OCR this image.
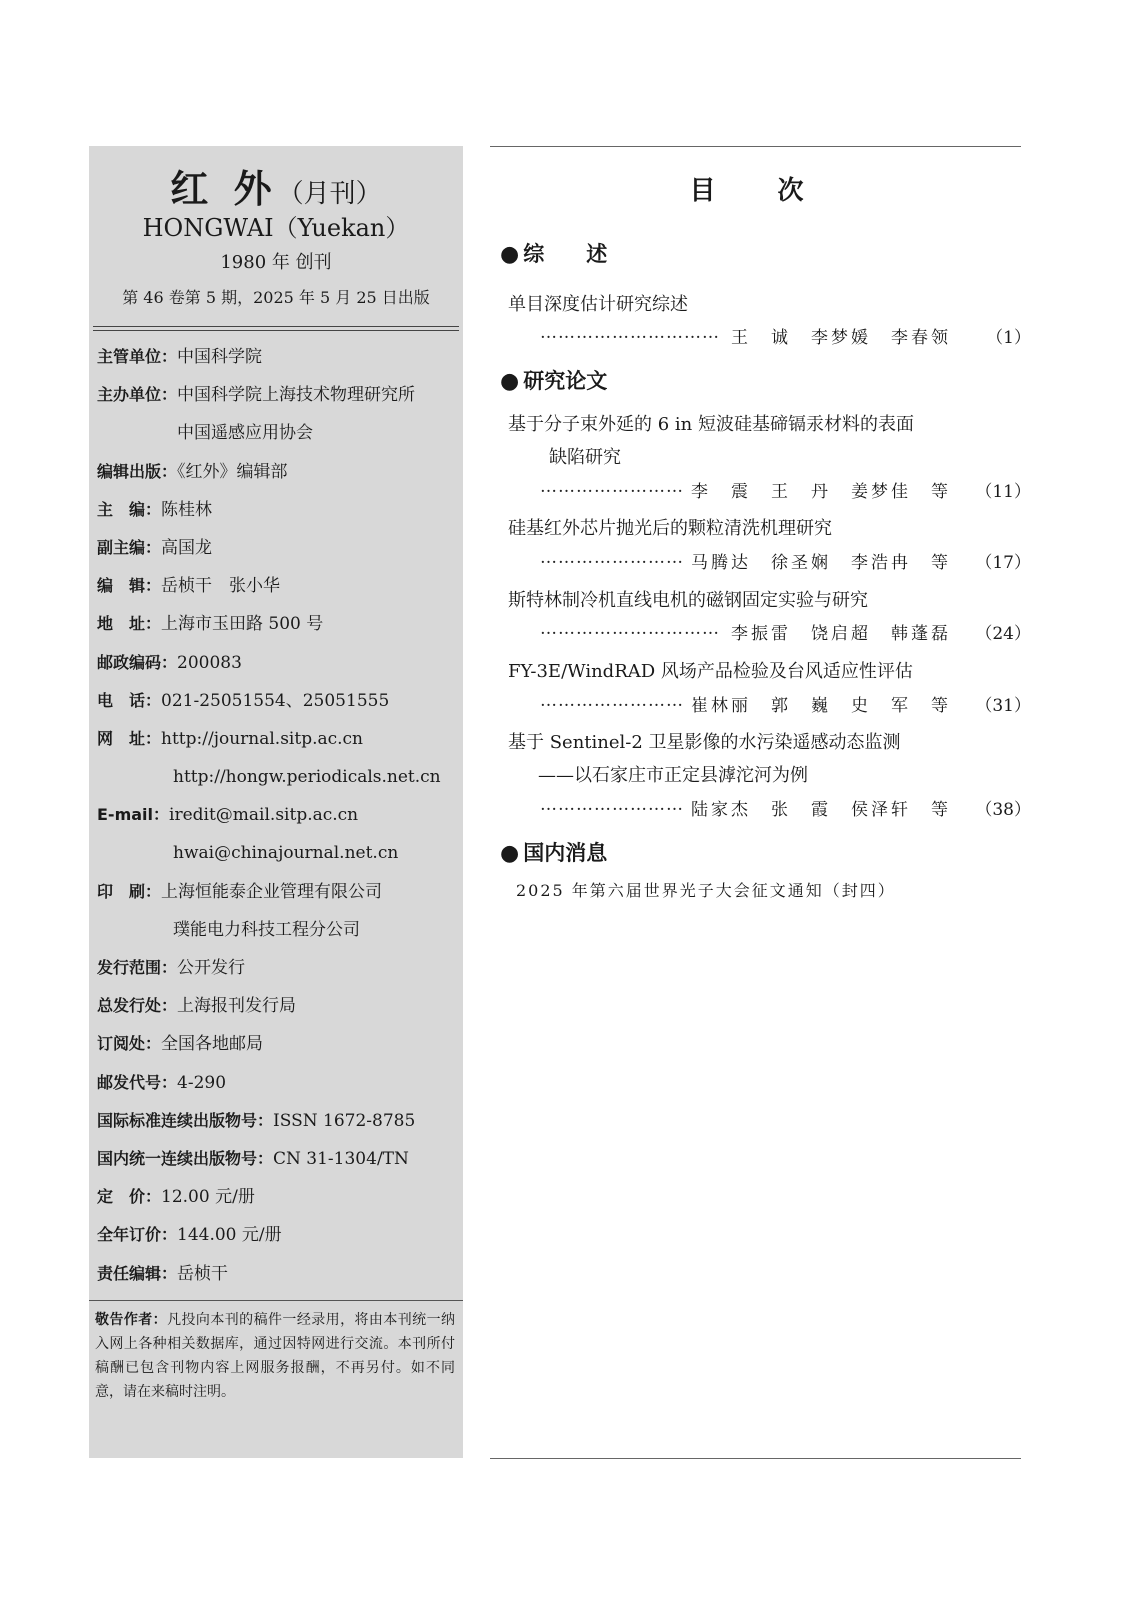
红 外（月刊）
HONGWAI（Yuekan）
1980 年 创刊
第 46 卷第 5 期，2025 年 5 月 25 日出版
主管单位：中国科学院
主办单位：中国科学院上海技术物理研究所
中国遥感应用协会
编辑出版：《红外》编辑部
主　编：陈桂林
副主编：高国龙
编　辑：岳桢干　张小华
地　址：上海市玉田路 500 号
邮政编码：200083
电　话：021-25051554、25051555
网　址：http://journal.sitp.ac.cn
http://hongw.periodicals.net.cn
E-mail：iredit@mail.sitp.ac.cn
hwai@chinajournal.net.cn
印　刷：上海恒能泰企业管理有限公司
璞能电力科技工程分公司
发行范围：公开发行
总发行处：上海报刊发行局
订阅处：全国各地邮局
邮发代号：4-290
国际标准连续出版物号：ISSN 1672-8785
国内统一连续出版物号：CN 31-1304/TN
定　价：12.00 元/册
全年订价：144.00 元/册
责任编辑：岳桢干
敬告作者：凡投向本刊的稿件一经录用，将由本刊统一纳入网上各种相关数据库，通过因特网进行交流。本刊所付稿酬已包含刊物内容上网服务报酬，不再另付。如不同意，请在来稿时注明。
目　次
● 综　　述
单目深度估计研究综述
………………………… 王　诚　李梦媛　李春领 （1）
● 研究论文
基于分子束外延的 6 in 短波硅基碲镉汞材料的表面
缺陷研究
…………………… 李　震　王　丹　姜梦佳　等 （11）
硅基红外芯片抛光后的颗粒清洗机理研究
…………………… 马腾达　徐圣娴　李浩冉　等 （17）
斯特林制冷机直线电机的磁钢固定实验与研究
………………………… 李振雷　饶启超　韩蓬磊 （24）
FY-3E/WindRAD 风场产品检验及台风适应性评估
…………………… 崔林丽　郭　巍　史　军　等 （31）
基于 Sentinel-2 卫星影像的水污染遥感动态监测
——以石家庄市正定县滹沱河为例
…………………… 陆家杰　张　霞　侯泽轩　等 （38）
● 国内消息
2025 年第六届世界光子大会征文通知（封四）
